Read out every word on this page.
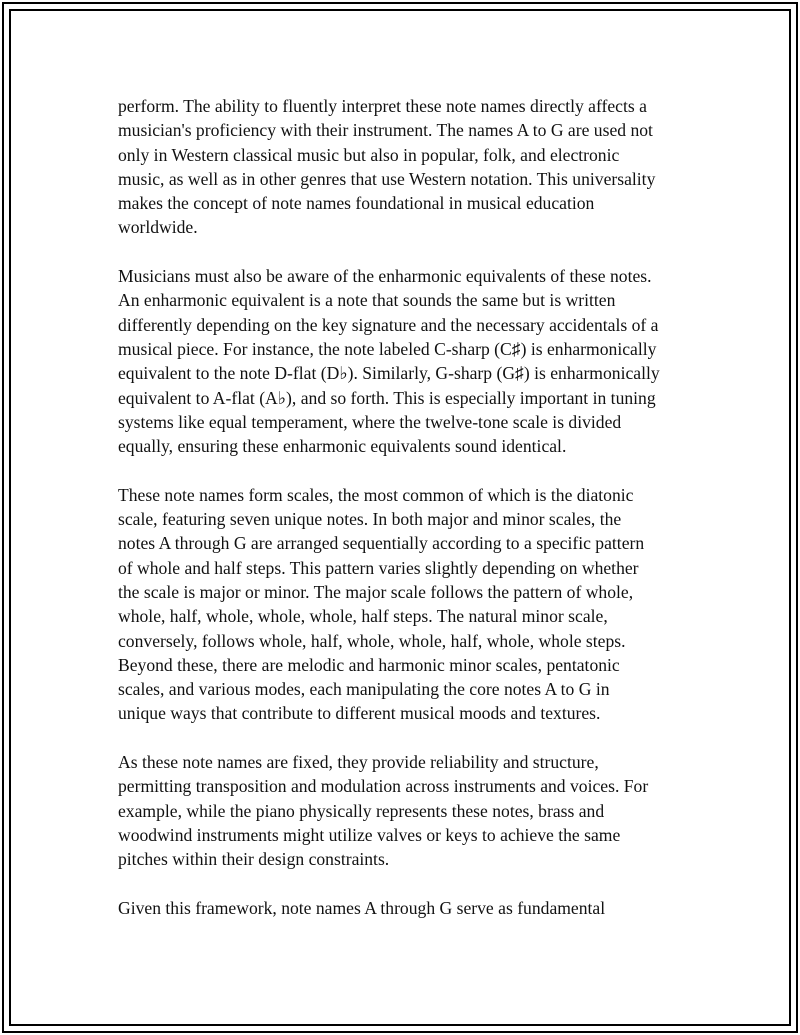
perform. The ability to fluently interpret these note names directly affects a
musician's proficiency with their instrument. The names A to G are used not
only in Western classical music but also in popular, folk, and electronic
music, as well as in other genres that use Western notation. This universality
makes the concept of note names foundational in musical education
worldwide.

Musicians must also be aware of the enharmonic equivalents of these notes.
An enharmonic equivalent is a note that sounds the same but is written
differently depending on the key signature and the necessary accidentals of a
musical piece. For instance, the note labeled C-sharp (C♯) is enharmonically
equivalent to the note D-flat (D♭). Similarly, G-sharp (G♯) is enharmonically
equivalent to A-flat (A♭), and so forth. This is especially important in tuning
systems like equal temperament, where the twelve-tone scale is divided
equally, ensuring these enharmonic equivalents sound identical.

These note names form scales, the most common of which is the diatonic
scale, featuring seven unique notes. In both major and minor scales, the
notes A through G are arranged sequentially according to a specific pattern
of whole and half steps. This pattern varies slightly depending on whether
the scale is major or minor. The major scale follows the pattern of whole,
whole, half, whole, whole, whole, half steps. The natural minor scale,
conversely, follows whole, half, whole, whole, half, whole, whole steps.
Beyond these, there are melodic and harmonic minor scales, pentatonic
scales, and various modes, each manipulating the core notes A to G in
unique ways that contribute to different musical moods and textures.

As these note names are fixed, they provide reliability and structure,
permitting transposition and modulation across instruments and voices. For
example, while the piano physically represents these notes, brass and
woodwind instruments might utilize valves or keys to achieve the same
pitches within their design constraints.

Given this framework, note names A through G serve as fundamental
